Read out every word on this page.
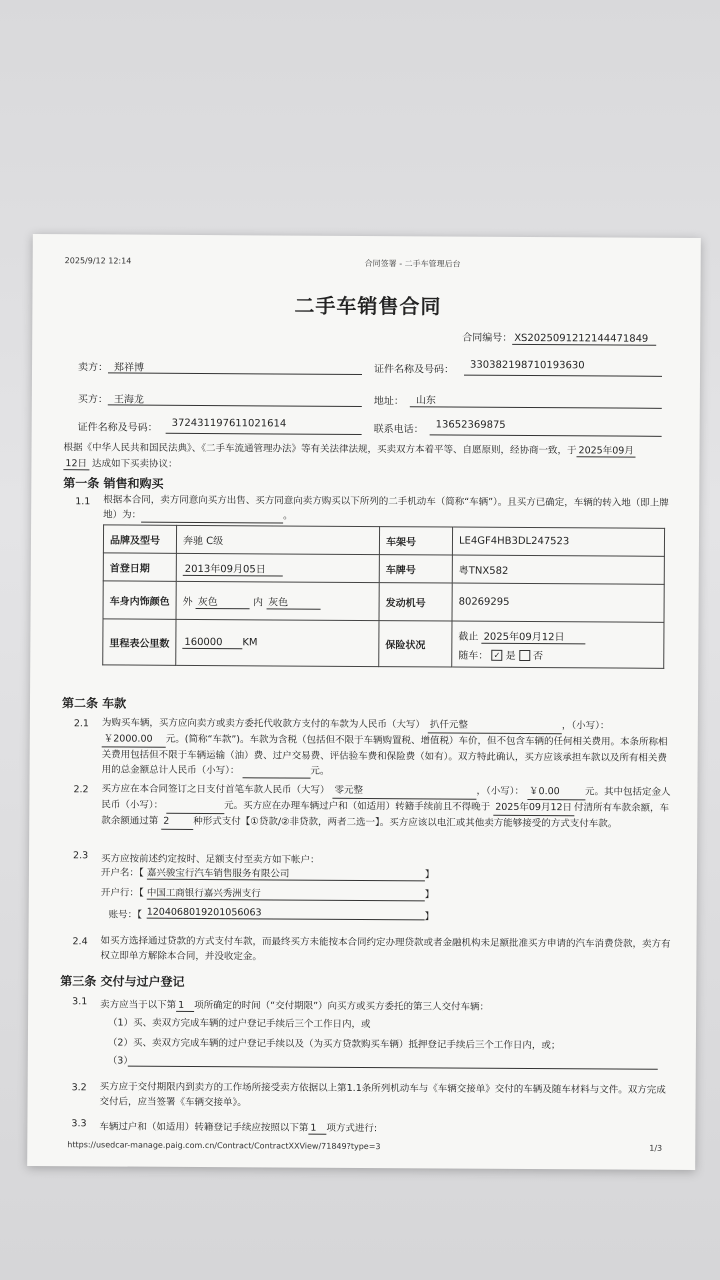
2025/9/12 12:14	合同签署 - 二手车管理后台
二手车销售合同
合同编号： XS2025091212144471849
卖方： 郑祥博	证件名称及号码： 330382198710193630
买方： 王海龙	地址： 山东
证件名称及号码： 372431197611021614
联系电话： 13652369875
根据《中华人民共和国民法典》、《二手车流通管理办法》等有关法律法规，买卖双方本着平等、自愿原则，经协商一致，于 2025年09月
12日 达成如下买卖协议：
第一条 销售和购买
1.1 根据本合同，卖方同意向买方出售、买方同意向卖方购买以下所列的二手机动车（简称“车辆”）。且买方已确定，车辆的转入地（即上牌地）为：	。
品牌及型号	奔驰 C级	车架号	LE4GF4HB3DL247523
首登日期	2013年09月05日	车牌号	粤TNX582
车身内饰颜色	外 灰色 内 灰色	发动机号	80269295
里程表公里数	160000 KM	保险状况	截止 2025年09月12日
随车： ✓ 是 否
第二条 车款
2.1 为购买车辆，买方应向卖方或卖方委托代收款方支付的车款为人民币（大写） 扒仟元整	，（小写）： ￥2000.00 元。(简称“车款”)。车款为含税（包括但不限于车辆购置税、增值税）车价，但不包含车辆的任何相关费用。本条所称相关费用包括但不限于车辆运输（油）费、过户交易费、评估验车费和保险费（如有）。双方特此确认，买方应该承担车款以及所有相关费用的总金额总计人民币（小写）：	元。
2.2 买方应在本合同签订之日支付首笔车款人民币（大写） 零元整	，（小写）： ￥0.00	元。其中包括定金人民币（小写）：	元。买方应在办理车辆过户和（如适用）转籍手续前且不得晚于 2025年09月12日 付清所有车款余额，车款余额通过第 2	种形式支付【①贷款/②非贷款，两者二选一】。买方应该以电汇或其他卖方能够接受的方式支付车款。
2.3 买方应按前述约定按时、足额支付至卖方如下帐户：
开户名：【 嘉兴骏宝行汽车销售服务有限公司	】
开户行：【 中国工商银行嘉兴秀洲支行	】
账号：【 1204068019201056063	】
2.4 如买方选择通过贷款的方式支付车款，而最终买方未能按本合同约定办理贷款或者金融机构未足额批准买方申请的汽车消费贷款，卖方有权立即单方解除本合同，并没收定金。
第三条 交付与过户登记
3.1 卖方应当于以下第 1 项所确定的时间（“交付期限”）向买方或买方委托的第三人交付车辆：
（1）买、卖双方完成车辆的过户登记手续后三个工作日内，或
（2）买、卖双方完成车辆的过户登记手续以及（为买方贷款购买车辆）抵押登记手续后三个工作日内，或；
（3）
3.2 买方应于交付期限内到卖方的工作场所接受卖方依据以上第1.1条所列机动车与《车辆交接单》交付的车辆及随车材料与文件。双方完成交付后，应当签署《车辆交接单》。
3.3 车辆过户和（如适用）转籍登记手续应按照以下第 1 项方式进行:
https://usedcar-manage.paig.com.cn/Contract/ContractXXView/71849?type=3	1/3
